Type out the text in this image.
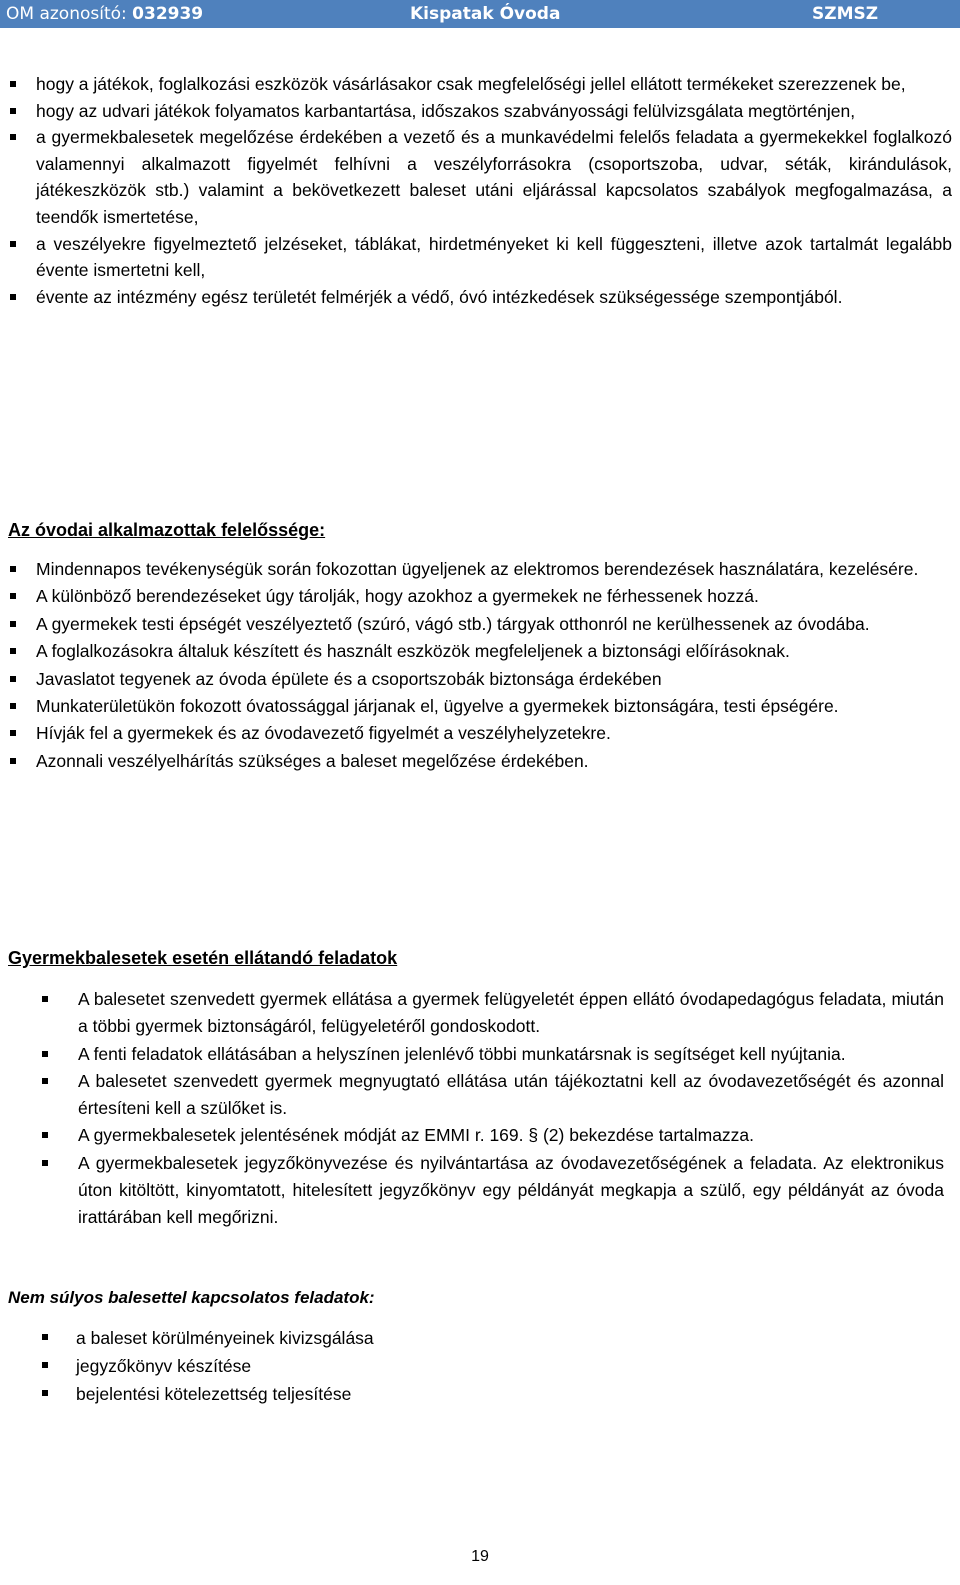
OM azonosító: 032939	Kispatak Óvoda	SZMSZ
hogy a játékok, foglalkozási eszközök vásárlásakor csak megfelelőségi jellel ellátott termékeket szerezzenek be,
hogy az udvari játékok folyamatos karbantartása, időszakos szabványossági felülvizsgálata megtörténjen,
a gyermekbalesetek megelőzése érdekében a vezető és a munkavédelmi felelős feladata a gyermekekkel foglalkozó valamennyi alkalmazott figyelmét felhívni a veszélyforrásokra (csoportszoba, udvar, séták, kirándulások, játékeszközök stb.) valamint a bekövetkezett baleset utáni eljárással kapcsolatos szabályok megfogalmazása, a teendők ismertetése,
a veszélyekre figyelmeztető jelzéseket, táblákat, hirdetményeket ki kell függeszteni, illetve azok tartalmát legalább évente ismertetni kell,
évente az intézmény egész területét felmérjék a védő, óvó intézkedések szükségessége szempontjából.
Az óvodai alkalmazottak felelőssége:
Mindennapos tevékenységük során fokozottan ügyeljenek az elektromos berendezések használatára, kezelésére.
A különböző berendezéseket úgy tárolják, hogy azokhoz a gyermekek ne férhessenek hozzá.
A gyermekek testi épségét veszélyeztető (szúró, vágó stb.) tárgyak otthonról ne kerülhessenek az óvodába.
A foglalkozásokra általuk készített és használt eszközök megfeleljenek a biztonsági előírásoknak.
Javaslatot tegyenek az óvoda épülete és a csoportszobák biztonsága érdekében
Munkaterületükön fokozott óvatossággal járjanak el, ügyelve a gyermekek biztonságára, testi épségére.
Hívják fel a gyermekek és az óvodavezető figyelmét a veszélyhelyzetekre.
Azonnali veszélyelhárítás szükséges a baleset megelőzése érdekében.
Gyermekbalesetek esetén ellátandó feladatok
A balesetet szenvedett gyermek ellátása a gyermek felügyeletét éppen ellátó óvodapedagógus feladata, miután a többi gyermek biztonságáról, felügyeletéről gondoskodott.
A fenti feladatok ellátásában a helyszínen jelenlévő többi munkatársnak is segítséget kell nyújtania.
A balesetet szenvedett gyermek megnyugtató ellátása után tájékoztatni kell az óvodavezetőségét és azonnal értesíteni kell a szülőket is.
A gyermekbalesetek jelentésének módját az EMMI r. 169. § (2) bekezdése tartalmazza.
A gyermekbalesetek jegyzőkönyvezése és nyilvántartása az óvodavezetőségének a feladata. Az elektronikus úton kitöltött, kinyomtatott, hitelesített jegyzőkönyv egy példányát megkapja a szülő, egy példányát az óvoda irattárában kell megőrizni.
Nem súlyos balesettel kapcsolatos feladatok:
a baleset körülményeinek kivizsgálása
jegyzőkönyv készítése
bejelentési kötelezettség teljesítése
19
